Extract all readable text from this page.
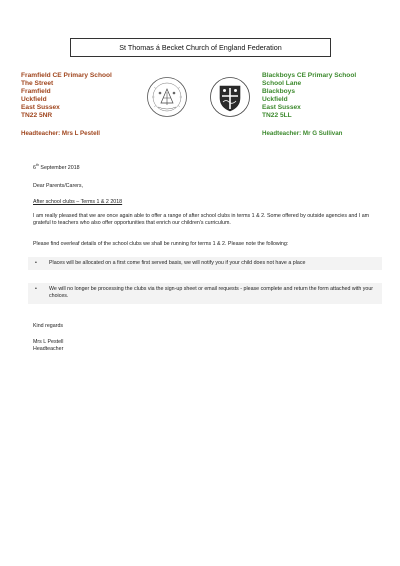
St Thomas á Becket Church of England Federation
Framfield CE Primary School
The Street
Framfield
Uckfield
East Sussex
TN22 5NR
Headteacher: Mrs L Pestell
Blackboys CE Primary School
School Lane
Blackboys
Uckfield
East Sussex
TN22 5LL
Headteacher: Mr G Sullivan
6th September 2018
Dear Parents/Carers,
After school clubs – Terms 1 & 2 2018
I am really pleased that we are once again able to offer a range of after school clubs in terms 1 & 2. Some offered by outside agencies and I am grateful to teachers who also offer opportunities that enrich our children's curriculum.
Please find overleaf details of the school clubs we shall be running for terms 1 & 2. Please note the following:
• Places will be allocated on a first come first served basis, we will notify you if your child does not have a place
• We will no longer be processing the clubs via the sign-up sheet or email requests - please complete and return the form attached with your choices.
Kind regards
Mrs L Pestell
Headteacher
